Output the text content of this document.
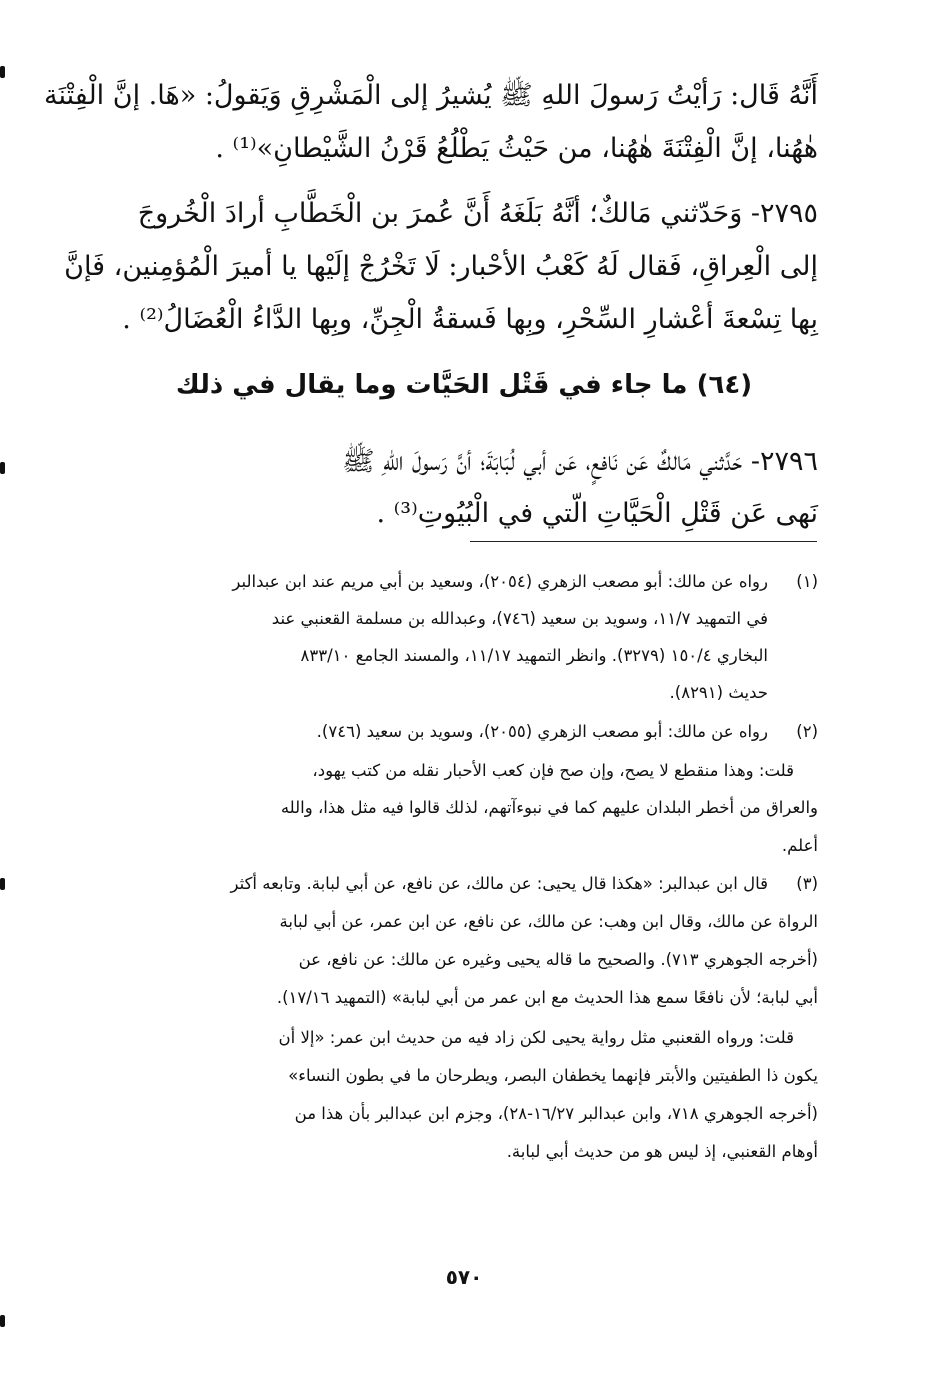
أَنَّهُ قَال: رَأيْتُ رَسولَ اللهِ ﷺ يُشيرُ إلى الْمَشْرِقِ وَيَقولُ: «هَا. إنَّ الْفِتْنَة
هٰهُنا، إنَّ الْفِتْنَةَ هٰهُنا، من حَيْثُ يَطْلُعُ قَرْنُ الشَّيْطانِ»⁽¹⁾ .
٢٧٩٥- وَحَدّثني مَالكٌ؛ أنَّهُ بَلَغَهُ أَنَّ عُمرَ بن الْخَطَّابِ أرادَ الْخُروجَ
إلى الْعِراقِ، فَقال لَهُ كَعْبُ الأحْبار: لَا تَخْرُجْ إلَيْها يا أميرَ الْمُؤمِنين، فَإنَّ
بِها تِسْعةَ أعْشارِ السِّحْرِ، وبِها فَسقةُ الْجِنِّ، وبِها الدَّاءُ الْعُضَالُ⁽²⁾ .
(٦٤) ما جاء في قَتْل الحَيَّات وما يقال في ذلك
٢٧٩٦- حَدَّثني مَالكٌ عَن نَافعٍ، عَن أبي لُبَابَةَ؛ أنَّ رَسولَ اللهِ ﷺ
نَهى عَن قَتْلِ الْحَيَّاتِ الّتي في الْبُيُوتِ⁽³⁾ .
(١)
رواه عن مالك: أبو مصعب الزهري (٢٠٥٤)، وسعيد بن أبي مريم عند ابن عبدالبر
في التمهيد ١١/٧، وسويد بن سعيد (٧٤٦)، وعبدالله بن مسلمة القعنبي عند
البخاري ١٥٠/٤ (٣٢٧٩). وانظر التمهيد ١١/١٧، والمسند الجامع ٨٣٣/١٠
حديث (٨٢٩١).
(٢)
رواه عن مالك: أبو مصعب الزهري (٢٠٥٥)، وسويد بن سعيد (٧٤٦).
قلت: وهذا منقطع لا يصح، وإن صح فإن كعب الأحبار نقله من كتب يهود،
والعراق من أخطر البلدان عليهم كما في نبوءآتهم، لذلك قالوا فيه مثل هذا، والله
أعلم.
(٣)
قال ابن عبدالبر: «هكذا قال يحيى: عن مالك، عن نافع، عن أبي لبابة. وتابعه أكثر
الرواة عن مالك، وقال ابن وهب: عن مالك، عن نافع، عن ابن عمر، عن أبي لبابة
(أخرجه الجوهري ٧١٣). والصحيح ما قاله يحيى وغيره عن مالك: عن نافع، عن
أبي لبابة؛ لأن نافعًا سمع هذا الحديث مع ابن عمر من أبي لبابة» (التمهيد ١٧/١٦).
قلت: ورواه القعنبي مثل رواية يحيى لكن زاد فيه من حديث ابن عمر: «إلا أن
يكون ذا الطفيتين والأبتر فإنهما يخطفان البصر، ويطرحان ما في بطون النساء»
(أخرجه الجوهري ٧١٨، وابن عبدالبر ١٦/٢٧-٢٨)، وجزم ابن عبدالبر بأن هذا من
أوهام القعنبي، إذ ليس هو من حديث أبي لبابة.
٥٧٠
